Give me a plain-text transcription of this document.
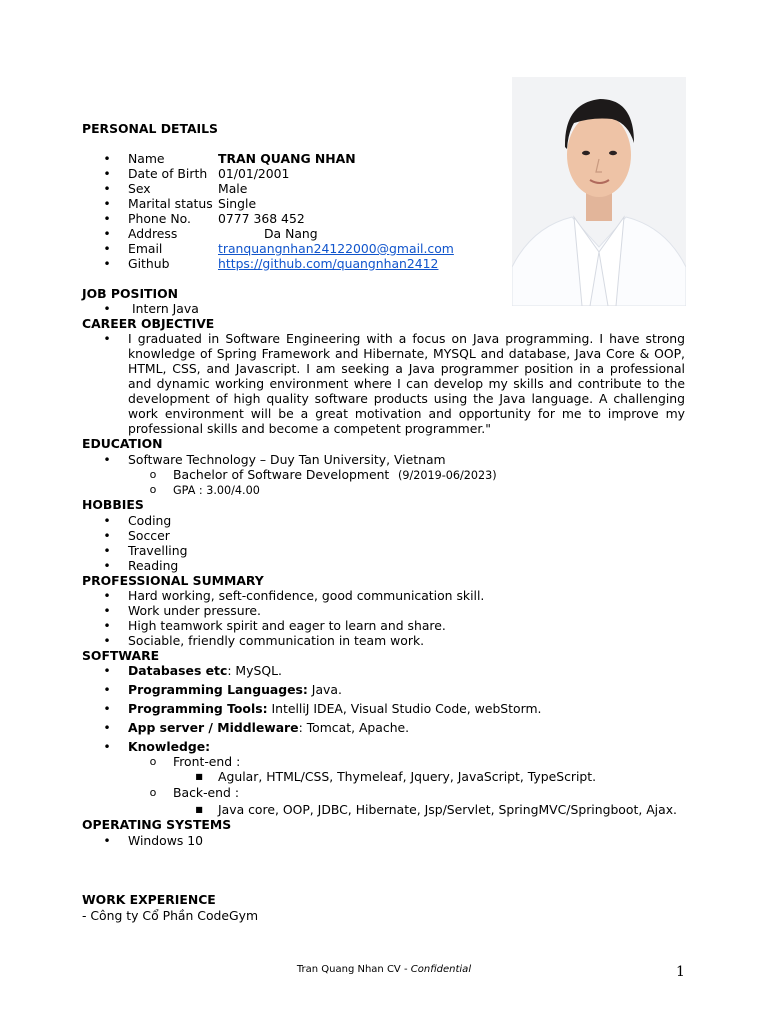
PERSONAL DETAILS
• Name	TRAN QUANG NHAN
• Date of Birth 01/01/2001
• Sex	Male
• Marital status Single
• Phone No. 0777 368 452
• Address	Da Nang
• Email	tranquangnhan24122000@gmail.com
• Github	https://github.com/quangnhan2412
JOB POSITION
• Intern Java
CAREER OBJECTIVE
• I graduated in Software Engineering with a focus on Java programming. I have strong
knowledge of Spring Framework and Hibernate, MYSQL and database, Java Core & OOP,
HTML, CSS, and Javascript. I am seeking a Java programmer position in a professional
and dynamic working environment where I can develop my skills and contribute to the
development of high quality software products using the Java language. A challenging
work environment will be a great motivation and opportunity for me to improve my
professional skills and become a competent programmer."
EDUCATION
• Software Technology – Duy Tan University, Vietnam
o Bachelor of Software Development (9/2019-06/2023)
o GPA : 3.00/4.00
HOBBIES
• Coding
• Soccer
• Travelling
• Reading
PROFESSIONAL SUMMARY
• Hard working, seft-confidence, good communication skill.
• Work under pressure.
• High teamwork spirit and eager to learn and share.
• Sociable, friendly communication in team work.
SOFTWARE
• Databases etc: MySQL.
• Programming Languages: Java.
• Programming Tools: IntelliJ IDEA, Visual Studio Code, webStorm.
• App server / Middleware: Tomcat, Apache.
• Knowledge:
o Front-end :
■ Agular, HTML/CSS, Thymeleaf, Jquery, JavaScript, TypeScript.
o Back-end :
■ Java core, OOP, JDBC, Hibernate, Jsp/Servlet, SpringMVC/Springboot, Ajax.
OPERATING SYSTEMS
• Windows 10
WORK EXPERIENCE
- Công ty Cổ Phần CodeGym
Tran Quang Nhan CV - Confidential	1
